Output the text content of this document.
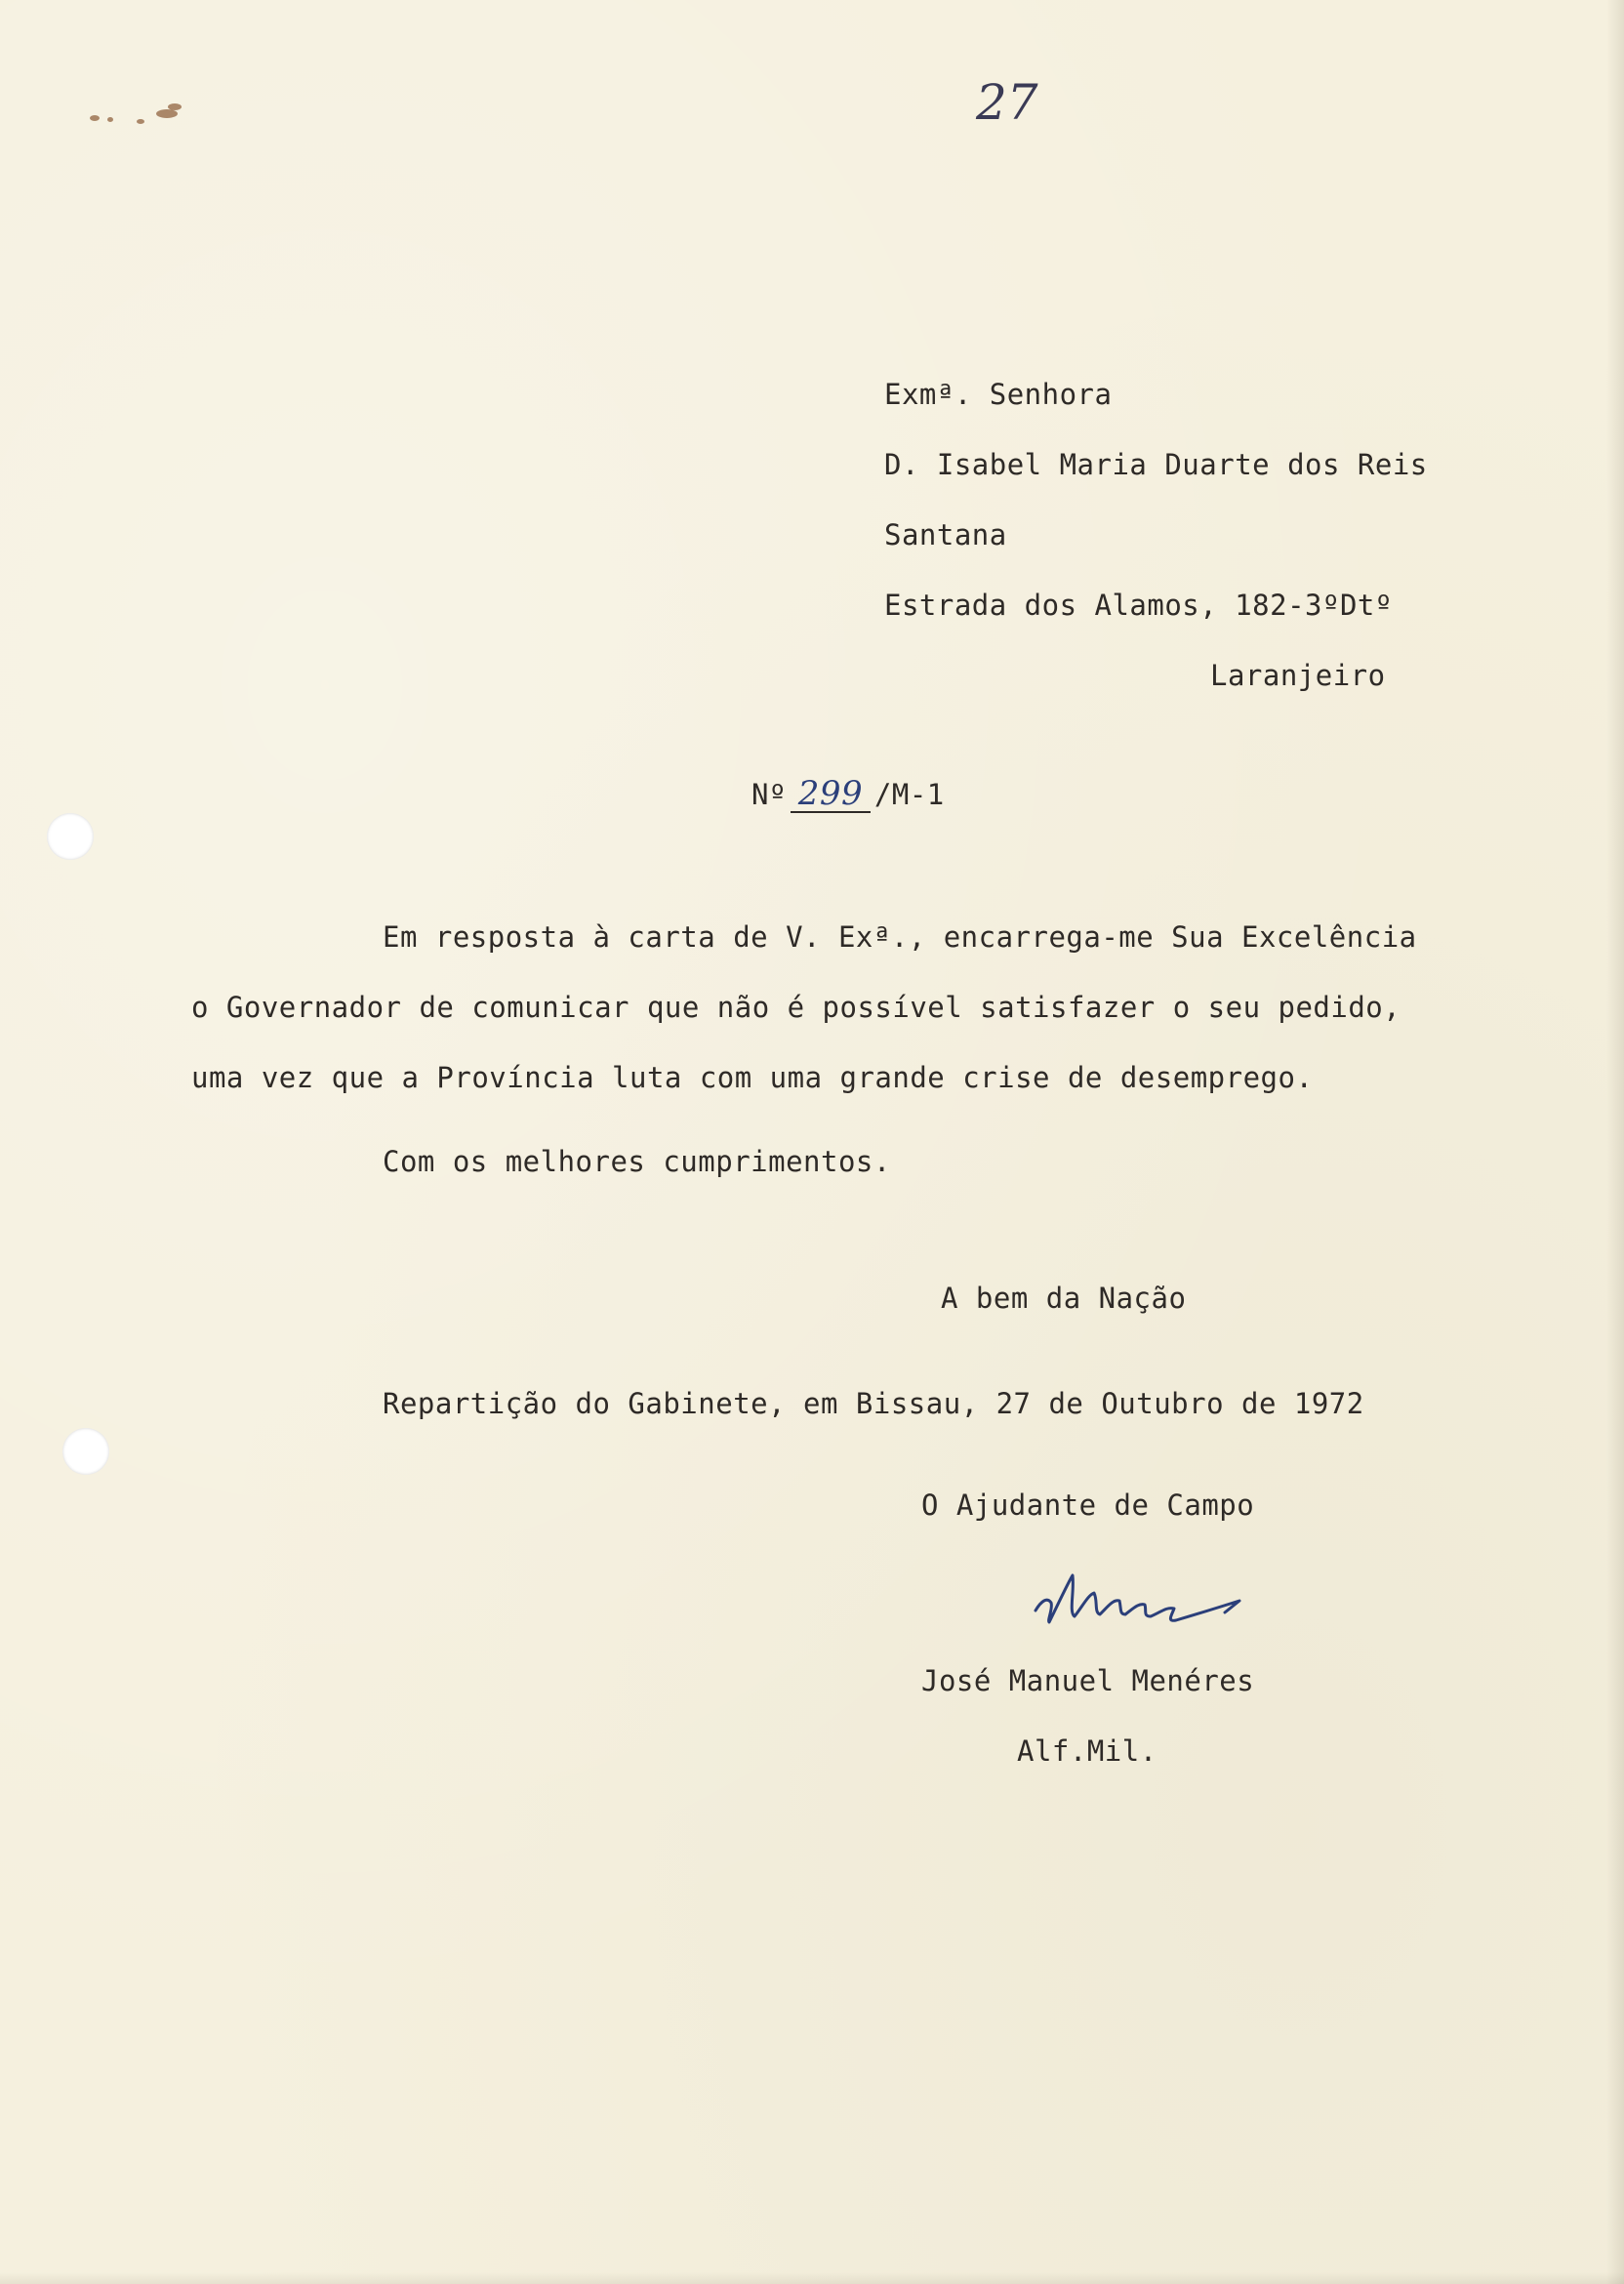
27
Exmª. Senhora
D. Isabel Maria Duarte dos Reis
Santana
Estrada dos Alamos, 182-3ºDtº
Laranjeiro
Nº 299 /M-1
Em resposta à carta de V. Exª., encarrega-me Sua Excelência
o Governador de comunicar que não é possível satisfazer o seu pedido,
uma vez que a Província luta com uma grande crise de desemprego.
Com os melhores cumprimentos.
A bem da Nação
Repartição do Gabinete, em Bissau, 27 de Outubro de 1972
O Ajudante de Campo
José Manuel Menéres
Alf.Mil.
